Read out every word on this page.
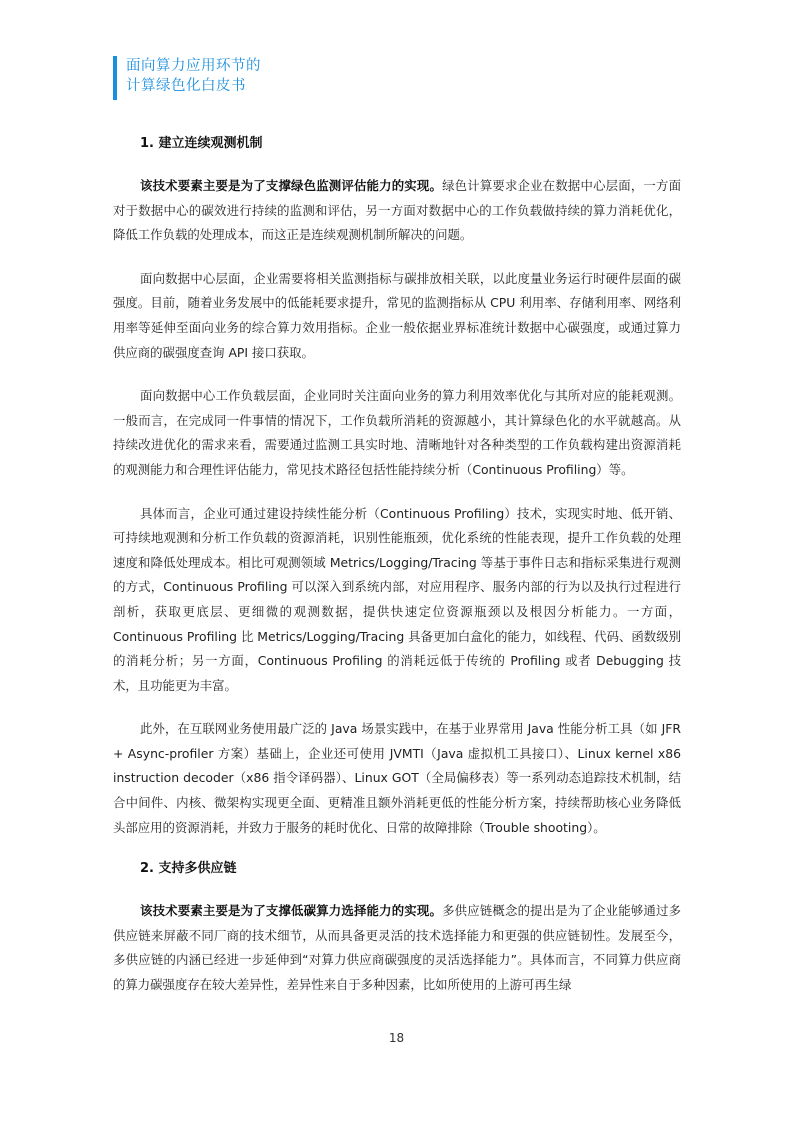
面向算力应用环节的
计算绿色化白皮书
1. 建立连续观测机制

该技术要素主要是为了支撑绿色监测评估能力的实现。绿色计算要求企业在数据中心层面，一方面对于数据中心的碳效进行持续的监测和评估，另一方面对数据中心的工作负载做持续的算力消耗优化，降低工作负载的处理成本，而这正是连续观测机制所解决的问题。

面向数据中心层面，企业需要将相关监测指标与碳排放相关联，以此度量业务运行时硬件层面的碳强度。目前，随着业务发展中的低能耗要求提升，常见的监测指标从 CPU 利用率、存储利用率、网络利用率等延伸至面向业务的综合算力效用指标。企业一般依据业界标准统计数据中心碳强度，或通过算力供应商的碳强度查询 API 接口获取。

面向数据中心工作负载层面，企业同时关注面向业务的算力利用效率优化与其所对应的能耗观测。一般而言，在完成同一件事情的情况下，工作负载所消耗的资源越小，其计算绿色化的水平就越高。从持续改进优化的需求来看，需要通过监测工具实时地、清晰地针对各种类型的工作负载构建出资源消耗的观测能力和合理性评估能力，常见技术路径包括性能持续分析（Continuous Profiling）等。

具体而言，企业可通过建设持续性能分析（Continuous Profiling）技术，实现实时地、低开销、可持续地观测和分析工作负载的资源消耗，识别性能瓶颈，优化系统的性能表现，提升工作负载的处理速度和降低处理成本。相比可观测领域 Metrics/Logging/Tracing 等基于事件日志和指标采集进行观测的方式，Continuous Profiling 可以深入到系统内部，对应用程序、服务内部的行为以及执行过程进行剖析，获取更底层、更细微的观测数据，提供快速定位资源瓶颈以及根因分析能力。一方面，Continuous Profiling 比 Metrics/Logging/Tracing 具备更加白盒化的能力，如线程、代码、函数级别的消耗分析；另一方面，Continuous Profiling 的消耗远低于传统的 Profiling 或者 Debugging 技术，且功能更为丰富。

此外，在互联网业务使用最广泛的 Java 场景实践中，在基于业界常用 Java 性能分析工具（如 JFR + Async-profiler 方案）基础上，企业还可使用 JVMTI（Java 虚拟机工具接口）、Linux kernel x86 instruction decoder（x86 指令译码器）、Linux GOT（全局偏移表）等一系列动态追踪技术机制，结合中间件、内核、微架构实现更全面、更精准且额外消耗更低的性能分析方案，持续帮助核心业务降低头部应用的资源消耗，并致力于服务的耗时优化、日常的故障排除（Trouble shooting）。

2. 支持多供应链

该技术要素主要是为了支撑低碳算力选择能力的实现。多供应链概念的提出是为了企业能够通过多供应链来屏蔽不同厂商的技术细节，从而具备更灵活的技术选择能力和更强的供应链韧性。发展至今，多供应链的内涵已经进一步延伸到“对算力供应商碳强度的灵活选择能力”。具体而言，不同算力供应商的算力碳强度存在较大差异性，差异性来自于多种因素，比如所使用的上游可再生绿

18
